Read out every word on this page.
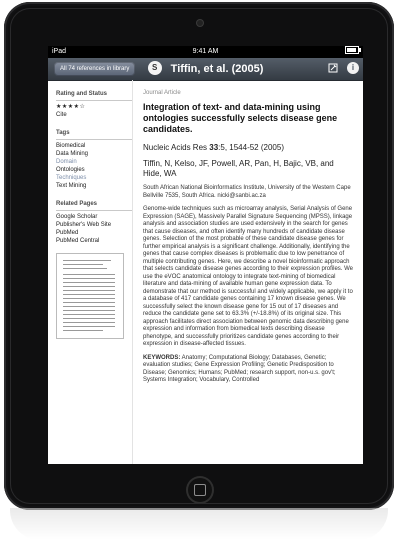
iPad	9:41 AM
All 74 references in library	S Tiffin, et al. (2005)	i
Rating and Status
★★★★☆
Cite
Tags
Biomedical
Data Mining
Domain
Ontologies
Techniques
Text Mining
Related Pages
Google Scholar
Publisher's Web Site
PubMed
PubMed Central
Journal Article
Integration of text- and data-mining using ontologies successfully selects disease gene candidates.
Nucleic Acids Res 33:5, 1544-52 (2005)
Tiffin, N, Kelso, JF, Powell, AR, Pan, H, Bajic, VB, and Hide, WA
South African National Bioinformatics Institute, University of the Western Cape Bellville 7535, South Africa. nicki@sanbi.ac.za
Genome-wide techniques such as microarray analysis, Serial Analysis of Gene Expression (SAGE), Massively Parallel Signature Sequencing (MPSS), linkage analysis and association studies are used extensively in the search for genes that cause diseases, and often identify many hundreds of candidate disease genes. Selection of the most probable of these candidate disease genes for further empirical analysis is a significant challenge. Additionally, identifying the genes that cause complex diseases is problematic due to low penetrance of multiple contributing genes. Here, we describe a novel bioinformatic approach that selects candidate disease genes according to their expression profiles. We use the eVOC anatomical ontology to integrate text-mining of biomedical literature and data-mining of available human gene expression data. To demonstrate that our method is successful and widely applicable, we apply it to a database of 417 candidate genes containing 17 known disease genes. We successfully select the known disease gene for 15 out of 17 diseases and reduce the candidate gene set to 63.3% (+/-18.8%) of its original size. This approach facilitates direct association between genomic data describing gene expression and information from biomedical texts describing disease phenotype, and successfully prioritizes candidate genes according to their expression in disease-affected tissues.
KEYWORDS: Anatomy; Computational Biology; Databases, Genetic; evaluation studies; Gene Expression Profiling; Genetic Predisposition to Disease; Genomics; Humans; PubMed; research support, non-u.s. gov't; Systems Integration; Vocabulary, Controlled
